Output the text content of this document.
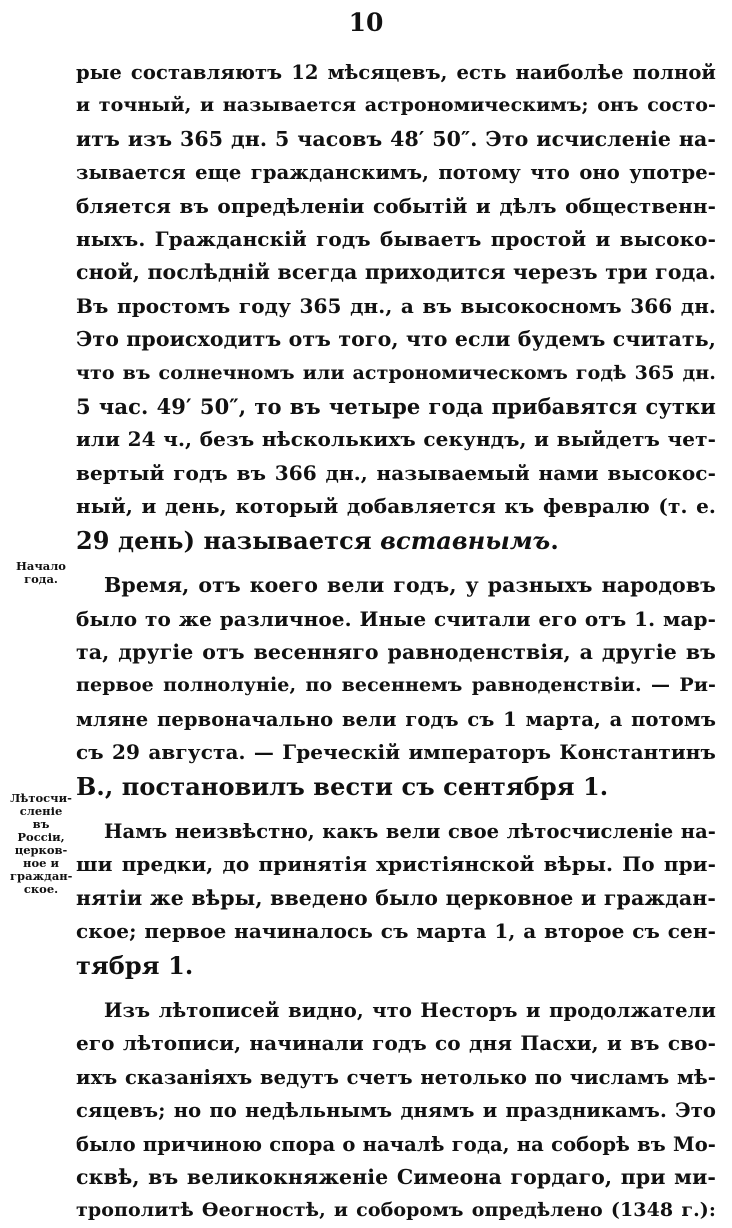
10
Начало
года.
Лѣтосчи-
сленіе въ
Россіи,
церков-
ное и
граждан-
ское.
рые составляютъ 12 мѣсяцевъ, есть наиболѣе полной
и точный, и называется астрономическимъ; онъ состо-
итъ изъ 365 дн. 5 часовъ 48′ 50″. Это исчисленіе на-
зывается еще гражданскимъ, потому что оно употре-
бляется въ опредѣленіи событій и дѣлъ общественн-
ныхъ. Гражданскій годъ бываетъ простой и высоко-
сной, послѣдній всегда приходится черезъ три года.
Въ простомъ году 365 дн., а въ высокосномъ 366 дн.
Это происходитъ отъ того, что если будемъ считать,
что въ солнечномъ или астрономическомъ годѣ 365 дн.
5 час. 49′ 50″, то въ четыре года прибавятся сутки
или 24 ч., безъ нѣсколькихъ секундъ, и выйдетъ чет-
вертый годъ въ 366 дн., называемый нами высокос-
ный, и день, который добавляется къ февралю (т. е.
29 день) называется вставнымъ.
Время, отъ коего вели годъ, у разныхъ народовъ
было то же различное. Иные считали его отъ 1. мар-
та, другіе отъ весенняго равноденствія, а другіе въ
первое полнолуніе, по весеннемъ равноденствіи. — Ри-
мляне первоначально вели годъ съ 1 марта, а потомъ
съ 29 августа. — Греческій императоръ Константинъ
В., постановилъ вести съ сентября 1.
Намъ неизвѣстно, какъ вели свое лѣтосчисленіе на-
ши предки, до принятія христіянской вѣры. По при-
нятіи же вѣры, введено было церковное и граждан-
ское; первое начиналось съ марта 1, а второе съ сен-
тября 1.
Изъ лѣтописей видно, что Несторъ и продолжатели
его лѣтописи, начинали годъ со дня Пасхи, и въ сво-
ихъ сказаніяхъ ведутъ счетъ нетолько по числамъ мѣ-
сяцевъ; но по недѣльнымъ днямъ и праздникамъ. Это
было причиною спора о началѣ года, на соборѣ въ Мо-
сквѣ, въ великокняженіе Симеона гордаго, при ми-
трополитѣ Ѳеогностѣ, и соборомъ опредѣлено (1348 г.):
